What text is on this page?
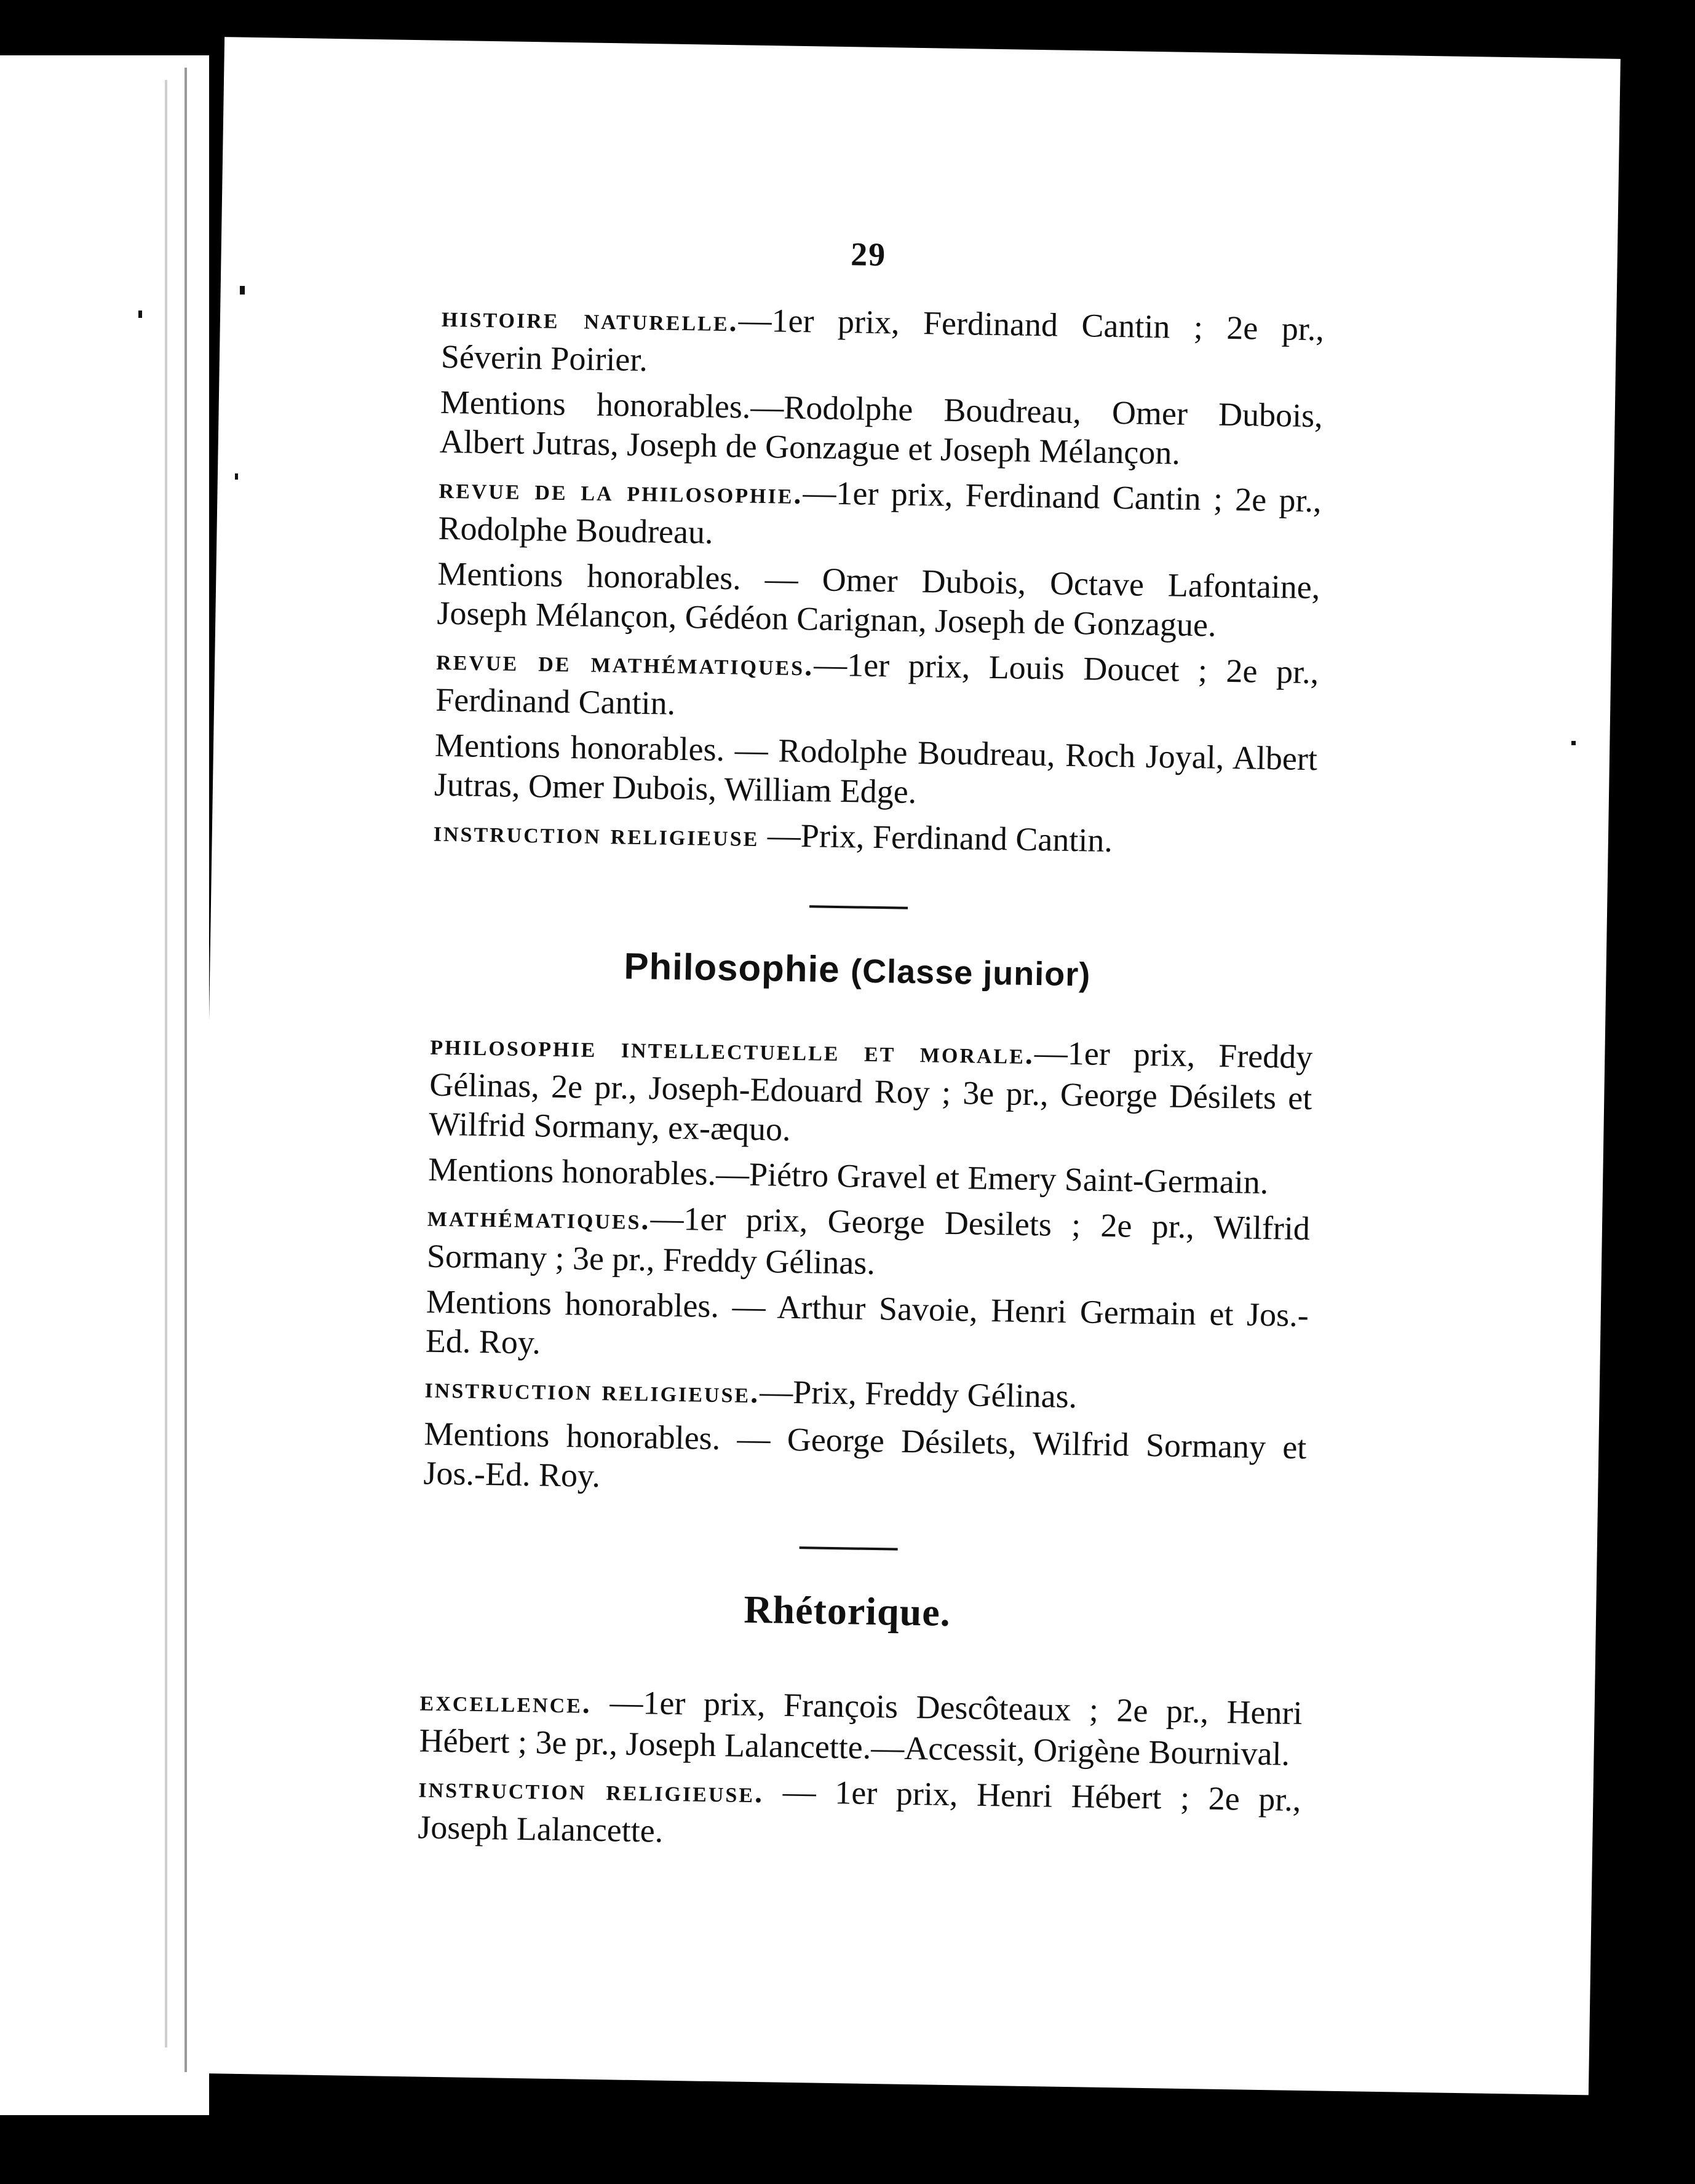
29

histoire naturelle.—1er prix, Ferdinand Cantin ; 2e pr., Séverin Poirier.

Mentions honorables.—Rodolphe Boudreau, Omer Dubois, Albert Jutras, Joseph de Gonzague et Joseph Mélançon.

revue de la philosophie.—1er prix, Ferdinand Cantin ; 2e pr., Rodolphe Boudreau.

Mentions honorables. — Omer Dubois, Octave Lafontaine, Joseph Mélançon, Gédéon Carignan, Joseph de Gonzague.

revue de mathématiques.—1er prix, Louis Doucet ; 2e pr., Ferdinand Cantin.

Mentions honorables. — Rodolphe Boudreau, Roch Joyal, Albert Jutras, Omer Dubois, William Edge.

instruction religieuse —Prix, Ferdinand Cantin.

Philosophie (Classe junior)

philosophie intellectuelle et morale.—1er prix, Freddy Gélinas, 2e pr., Joseph-Edouard Roy ; 3e pr., George Désilets et Wilfrid Sormany, ex-æquo.

Mentions honorables.—Piétro Gravel et Emery Saint-Germain.

mathématiques.—1er prix, George Desilets ; 2e pr., Wilfrid Sormany ; 3e pr., Freddy Gélinas.

Mentions honorables. — Arthur Savoie, Henri Germain et Jos.-Ed. Roy.

instruction religieuse.—Prix, Freddy Gélinas.

Mentions honorables. — George Désilets, Wilfrid Sormany et Jos.-Ed. Roy.

Rhétorique.

excellence. —1er prix, François Descôteaux ; 2e pr., Henri Hébert ; 3e pr., Joseph Lalancette.—Accessit, Origène Bournival.

instruction religieuse. — 1er prix, Henri Hébert ; 2e pr., Joseph Lalancette.
